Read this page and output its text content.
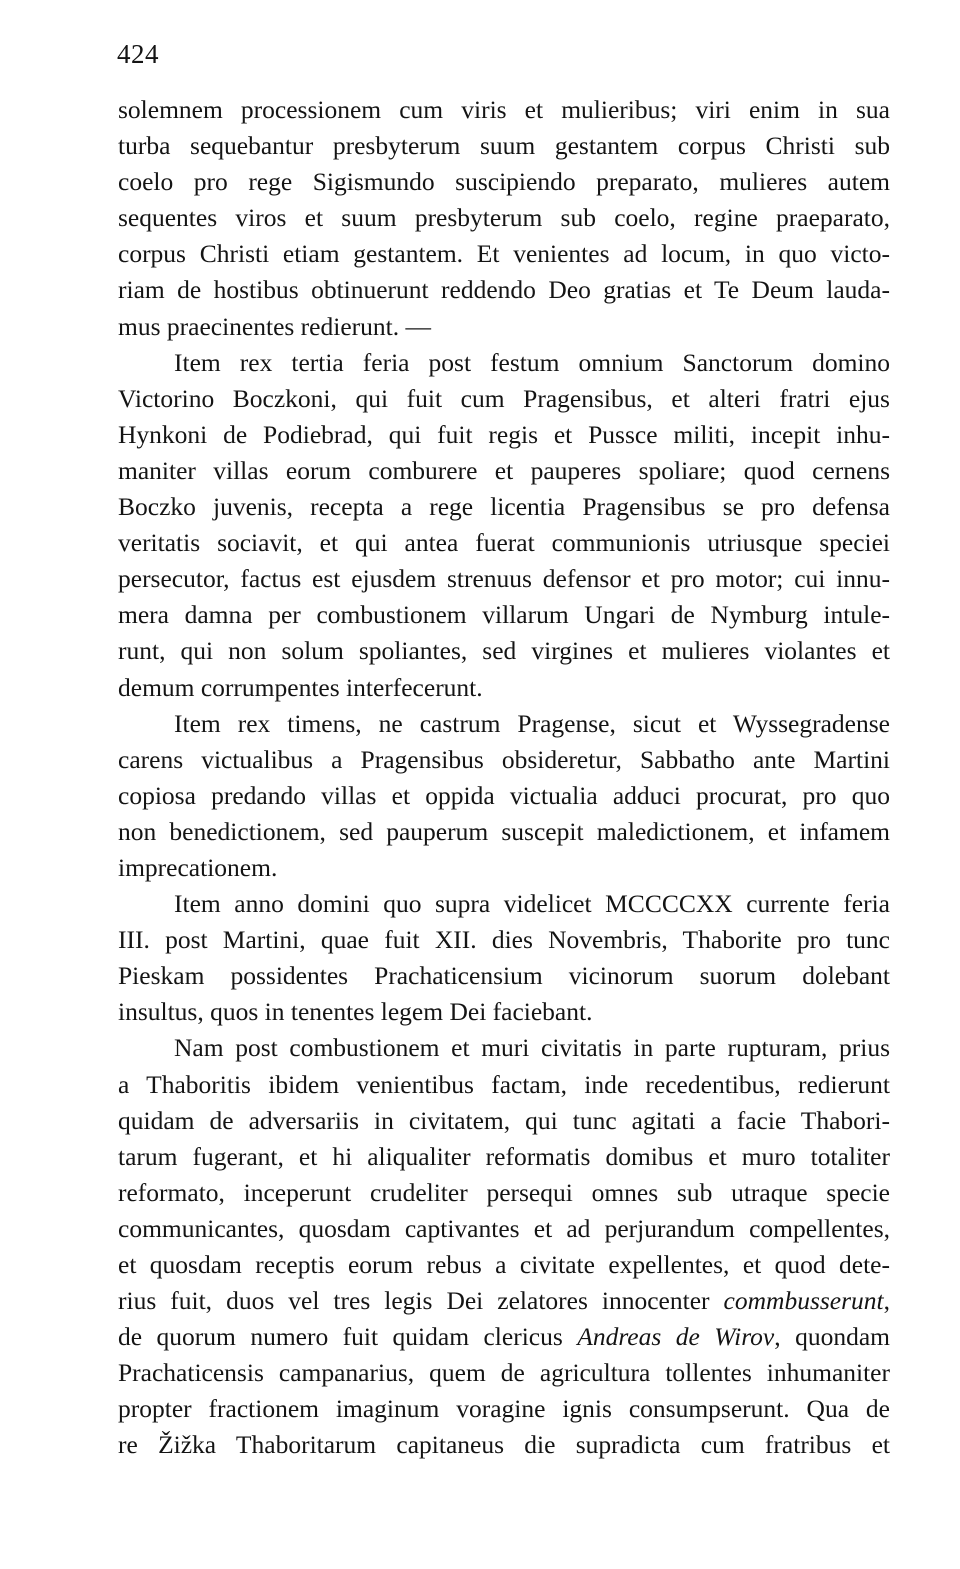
424
solemnem processionem cum viris et mulieribus; viri enim in sua
turba sequebantur presbyterum suum gestantem corpus Christi sub
coelo pro rege Sigismundo suscipiendo preparato, mulieres autem
sequentes viros et suum presbyterum sub coelo, regine praeparato,
corpus Christi etiam gestantem. Et venientes ad locum, in quo victo-
riam de hostibus obtinuerunt reddendo Deo gratias et Te Deum lauda-
mus praecinentes redierunt. —
Item rex tertia feria post festum omnium Sanctorum domino
Victorino Boczkoni, qui fuit cum Pragensibus, et alteri fratri ejus
Hynkoni de Podiebrad, qui fuit regis et Pussce militi, incepit inhu-
maniter villas eorum comburere et pauperes spoliare; quod cernens
Boczko juvenis, recepta a rege licentia Pragensibus se pro defensa
veritatis sociavit, et qui antea fuerat communionis utriusque speciei
persecutor, factus est ejusdem strenuus defensor et pro motor; cui innu-
mera damna per combustionem villarum Ungari de Nymburg intule-
runt, qui non solum spoliantes, sed virgines et mulieres violantes et
demum corrumpentes interfecerunt.
Item rex timens, ne castrum Pragense, sicut et Wyssegradense
carens victualibus a Pragensibus obsideretur, Sabbatho ante Martini
copiosa predando villas et oppida victualia adduci procurat, pro quo
non benedictionem, sed pauperum suscepit maledictionem, et infamem
imprecationem.
Item anno domini quo supra videlicet MCCCCXX currente feria
III. post Martini, quae fuit XII. dies Novembris, Thaborite pro tunc
Pieskam possidentes Prachaticensium vicinorum suorum dolebant
insultus, quos in tenentes legem Dei faciebant.
Nam post combustionem et muri civitatis in parte rupturam, prius
a Thaboritis ibidem venientibus factam, inde recedentibus, redierunt
quidam de adversariis in civitatem, qui tunc agitati a facie Thabori-
tarum fugerant, et hi aliqualiter reformatis domibus et muro totaliter
reformato, inceperunt crudeliter persequi omnes sub utraque specie
communicantes, quosdam captivantes et ad perjurandum compellentes,
et quosdam receptis eorum rebus a civitate expellentes, et quod dete-
rius fuit, duos vel tres legis Dei zelatores innocenter commbusserunt,
de quorum numero fuit quidam clericus Andreas de Wirov, quondam
Prachaticensis campanarius, quem de agricultura tollentes inhumaniter
propter fractionem imaginum voragine ignis consumpserunt. Qua de
re Žižka Thaboritarum capitaneus die supradicta cum fratribus et
